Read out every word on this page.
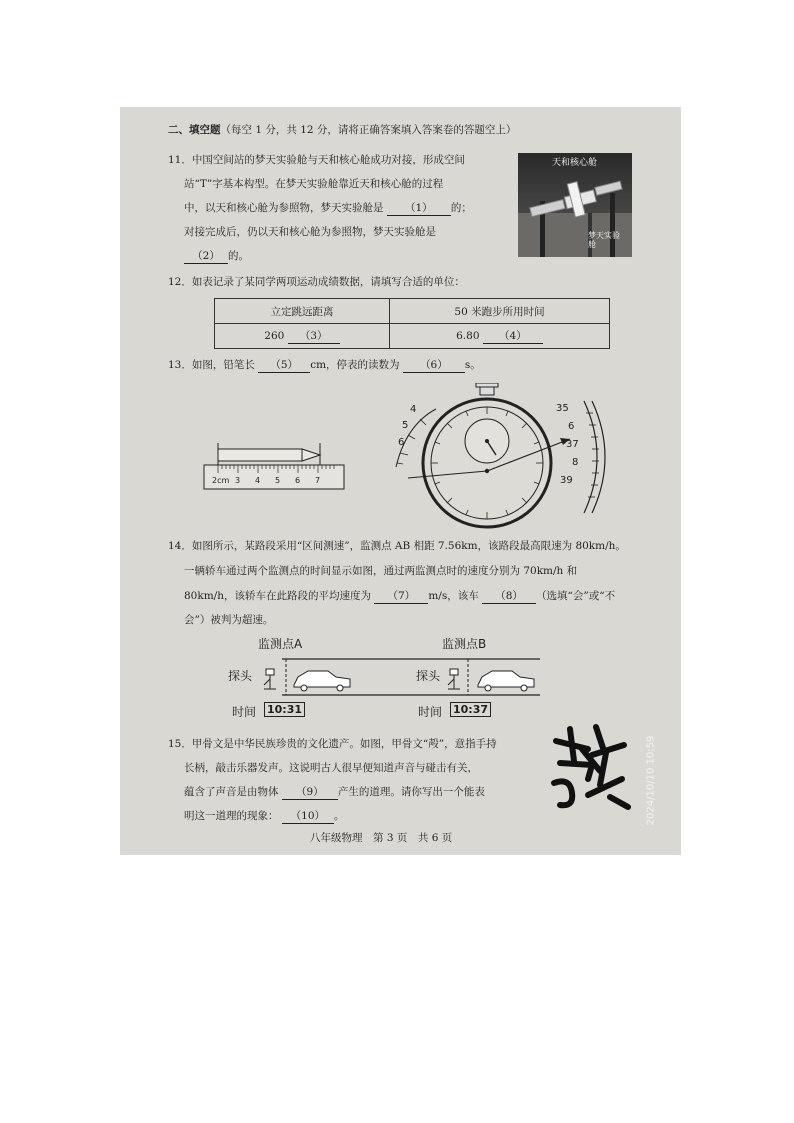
二、填空题（每空 1 分，共 12 分，请将正确答案填入答案卷的答题空上）
11．中国空间站的梦天实验舱与天和核心舱成功对接，形成空间
站“T”字基本构型。在梦天实验舱靠近天和核心舱的过程
中，以天和核心舱为参照物，梦天实验舱是 （1） 的；
对接完成后，仍以天和核心舱为参照物，梦天实验舱是
（2） 的。
天和核心舱
梦天实验舱
12．如表记录了某同学两项运动成绩数据，请填写合适的单位：
立定跳远距离	50 米跑步所用时间
260 （3）	6.80 （4）
13．如图，铅笔长 （5） cm，停表的读数为 （6） s。
2cm 3 4 5 6 7
4
5
6
35
6
37
8
39
14．如图所示，某路段采用“区间测速”，监测点 AB 相距 7.56km，该路段最高限速为 80km/h。
一辆轿车通过两个监测点的时间显示如图，通过两监测点时的速度分别为 70km/h 和
80km/h，该轿车在此路段的平均速度为 （7） m/s，该车 （8） （选填“会”或“不
会”）被判为超速。
监测点A	监测点B
探头	探头
时间 10:31	时间 10:37
15．甲骨文是中华民族珍贵的文化遗产。如图，甲骨文“殸”，意指手持
长柄，敲击乐器发声。这说明古人很早便知道声音与碰击有关，
蕴含了声音是由物体 （9） 产生的道理。请你写出一个能表
明这一道理的现象： （10） 。	2024/10/10 10:59
八年级物理　第 3 页　共 6 页
